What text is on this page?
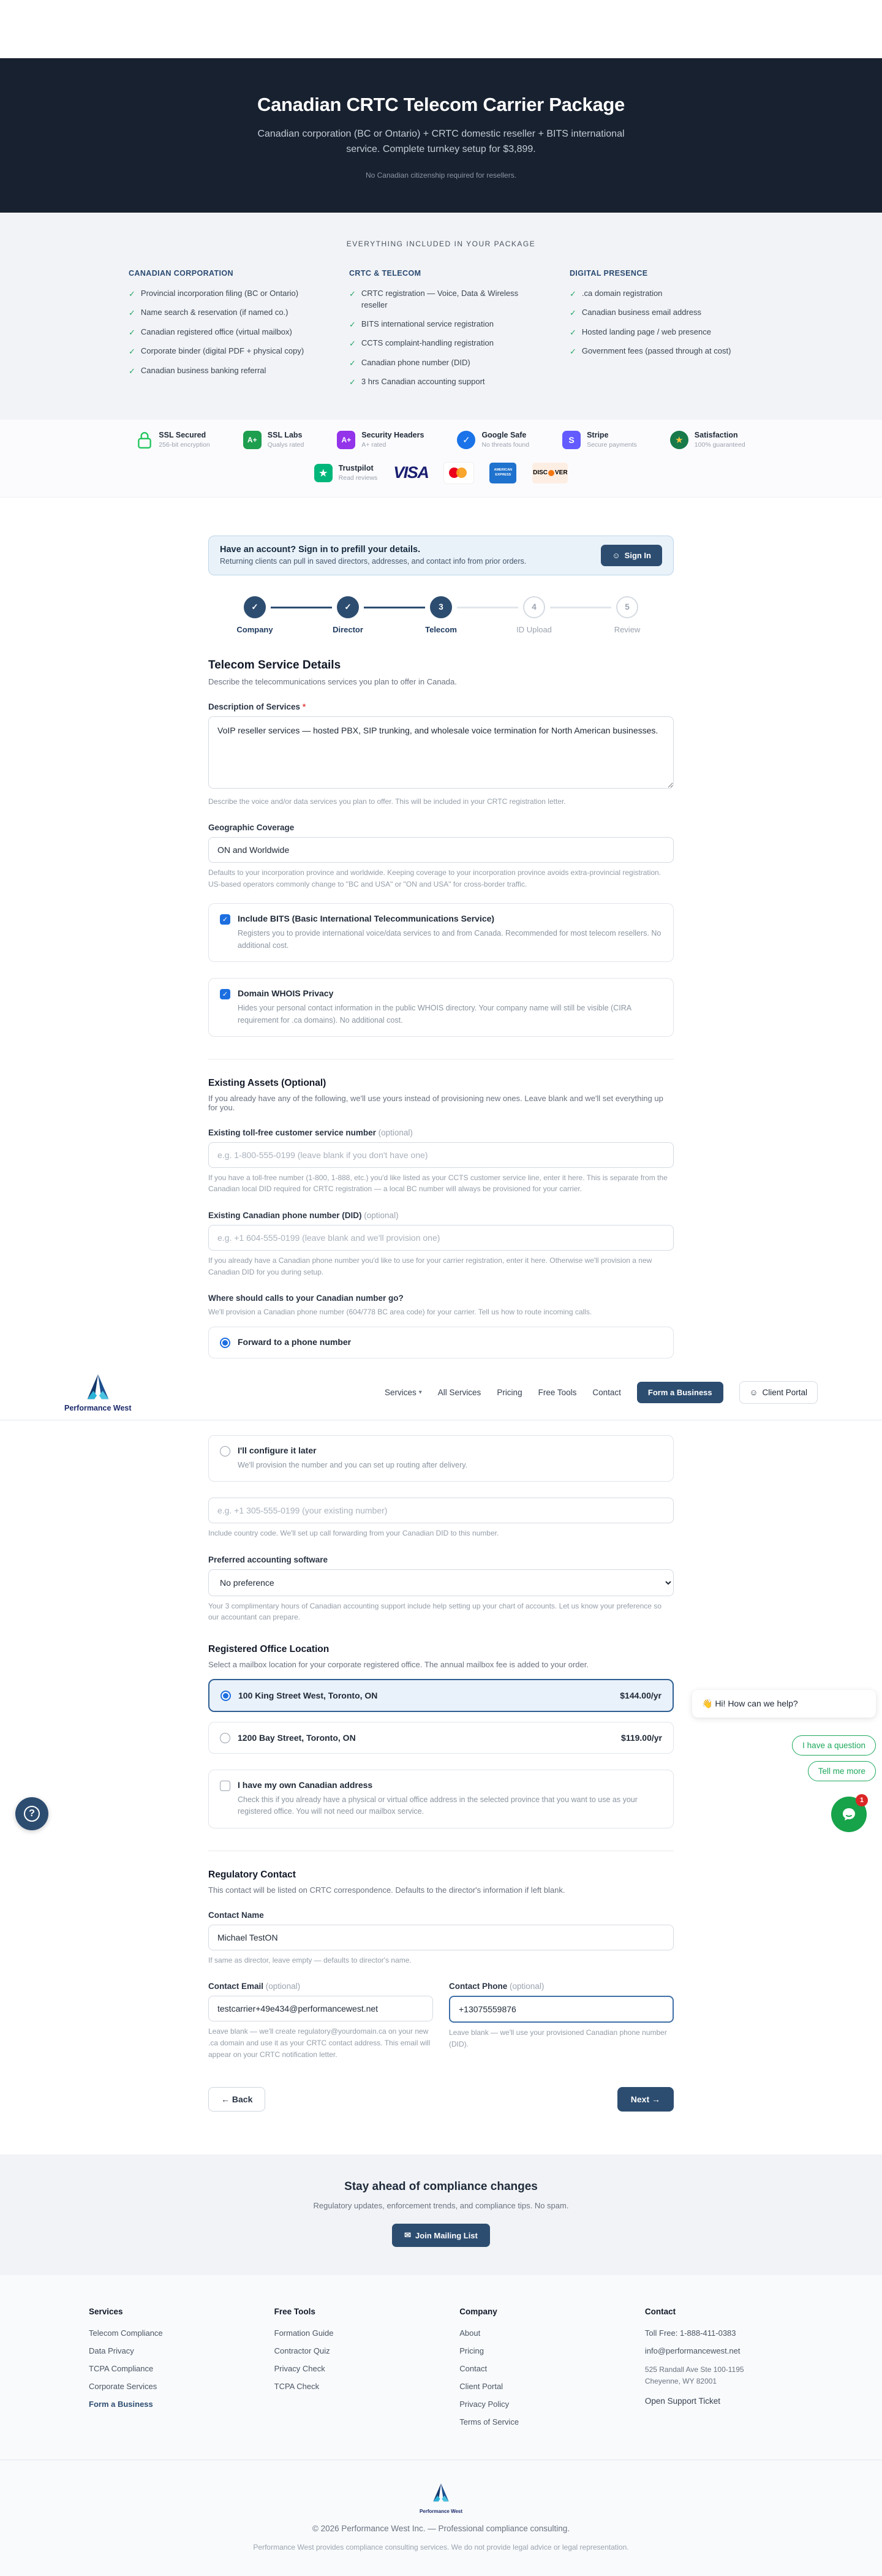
Canadian CRTC Telecom Carrier Package

Canadian corporation (BC or Ontario) + CRTC domestic reseller + BITS international service. Complete turnkey setup for $3,899.

No Canadian citizenship required for resellers.

EVERYTHING INCLUDED IN YOUR PACKAGE
CANADIAN CORPORATION
✓ Provincial incorporation filing (BC or Ontario)
✓ Name search & reservation (if named co.)
✓ Canadian registered office (virtual mailbox)
✓ Corporate binder (digital PDF + physical copy)
✓ Canadian business banking referral
CRTC & TELECOM
✓ CRTC registration — Voice, Data & Wireless reseller
✓ BITS international service registration
✓ CCTS complaint-handling registration
✓ Canadian phone number (DID)
✓ 3 hrs Canadian accounting support
DIGITAL PRESENCE
✓ .ca domain registration
✓ Canadian business email address
✓ Hosted landing page / web presence
✓ Government fees (passed through at cost)
SSL Secured
256-bit encryption
A+
SSL Labs
Qualys rated
A+
Security Headers
A+ rated	✓	Google Safe
No threats found
S	Stripe
Secure payments	★	Satisfaction
100% guaranteed
★	Trustpilot
Read reviews VISA	AMERICAN EXPRESS	DISC VER
Have an account? Sign in to prefill your details.

Returning clients can pull in saved directors, addresses, and contact info from prior orders.

☺ Sign In
✓
Company
✓
Director
3
Telecom
4
ID Upload
5
Review
Telecom Service Details

Describe the telecommunications services you plan to offer in Canada.

Description of Services *
VoIP reseller services — hosted PBX, SIP trunking, and wholesale voice termination for North American businesses.

Describe the voice and/or data services you plan to offer. This will be included in your CRTC registration letter.

Geographic Coverage
ON and Worldwide

Defaults to your incorporation province and worldwide. Keeping coverage to your incorporation province avoids extra-provincial registration. US-based operators commonly change to "BC and USA" or "ON and USA" for cross-border traffic.

✓ Include BITS (Basic International Telecommunications Service)
Registers you to provide international voice/data services to and from Canada. Recommended for most telecom resellers. No additional cost.
✓ Domain WHOIS Privacy
Hides your personal contact information in the public WHOIS directory. Your company name will still be visible (CIRA requirement for .ca domains). No additional cost.
Existing Assets (Optional)

If you already have any of the following, we'll use yours instead of provisioning new ones. Leave blank and we'll set everything up for you.

Existing toll-free customer service number (optional)
e.g. 1-800-555-0199 (leave blank if you don't have one)

If you have a toll-free number (1-800, 1-888, etc.) you'd like listed as your CCTS customer service line, enter it here. This is separate from the Canadian local DID required for CRTC registration — a local BC number will always be provisioned for your carrier.

Existing Canadian phone number (DID) (optional)
e.g. +1 604-555-0199 (leave blank and we'll provision one)

If you already have a Canadian phone number you'd like to use for your carrier registration, enter it here. Otherwise we'll provision a new Canadian DID for you during setup.

Where should calls to your Canadian number go?

We'll provision a Canadian phone number (604/778 BC area code) for your carrier. Tell us how to route incoming calls.

Forward to a phone number
Performance West
Services ▾ All Services Pricing Free Tools Contact	Form a Business	☺ Client Portal
I'll configure it later
We'll provision the number and you can set up routing after delivery.
e.g. +1 305-555-0199 (your existing number)

Include country code. We'll set up call forwarding from your Canadian DID to this number.

Preferred accounting software
No preference

Your 3 complimentary hours of Canadian accounting support include help setting up your chart of accounts. Let us know your preference so our accountant can prepare.

Registered Office Location

Select a mailbox location for your corporate registered office. The annual mailbox fee is added to your order.

100 King Street West, Toronto, ON	$144.00/yr
1200 Bay Street, Toronto, ON	$119.00/yr
I have my own Canadian address
Check this if you already have a physical or virtual office address in the selected province that you want to use as your registered office. You will not need our mailbox service.
Regulatory Contact

This contact will be listed on CRTC correspondence. Defaults to the director's information if left blank.

Contact Name
Michael TestON

If same as director, leave empty — defaults to director's name.

Contact Email (optional)
testcarrier+49e434@performancewest.net

Leave blank — we'll create regulatory@yourdomain.ca on your new .ca domain and use it as your CRTC contact address. This email will appear on your CRTC notification letter.

Contact Phone (optional)
+13075559876

Leave blank — we'll use your provisioned Canadian phone number (DID).

← Back	Next →
Stay ahead of compliance changes

Regulatory updates, enforcement trends, and compliance tips. No spam.

✉ Join Mailing List
Services
Telecom Compliance
Data Privacy
TCPA Compliance
Corporate Services
Form a Business
Free Tools
Formation Guide
Contractor Quiz
Privacy Check
TCPA Check
Company
About
Pricing
Contact
Client Portal
Privacy Policy
Terms of Service
Contact
Toll Free: 1-888-411-0383
info@performancewest.net
525 Randall Ave Ste 100-1195
Cheyenne, WY 82001
Open Support Ticket
Performance West
© 2026 Performance West Inc. — Professional compliance consulting.
Performance West provides compliance consulting services. We do not provide legal advice or legal representation.
👋 Hi! How can we help?
I have a question
Tell me more
1
?
